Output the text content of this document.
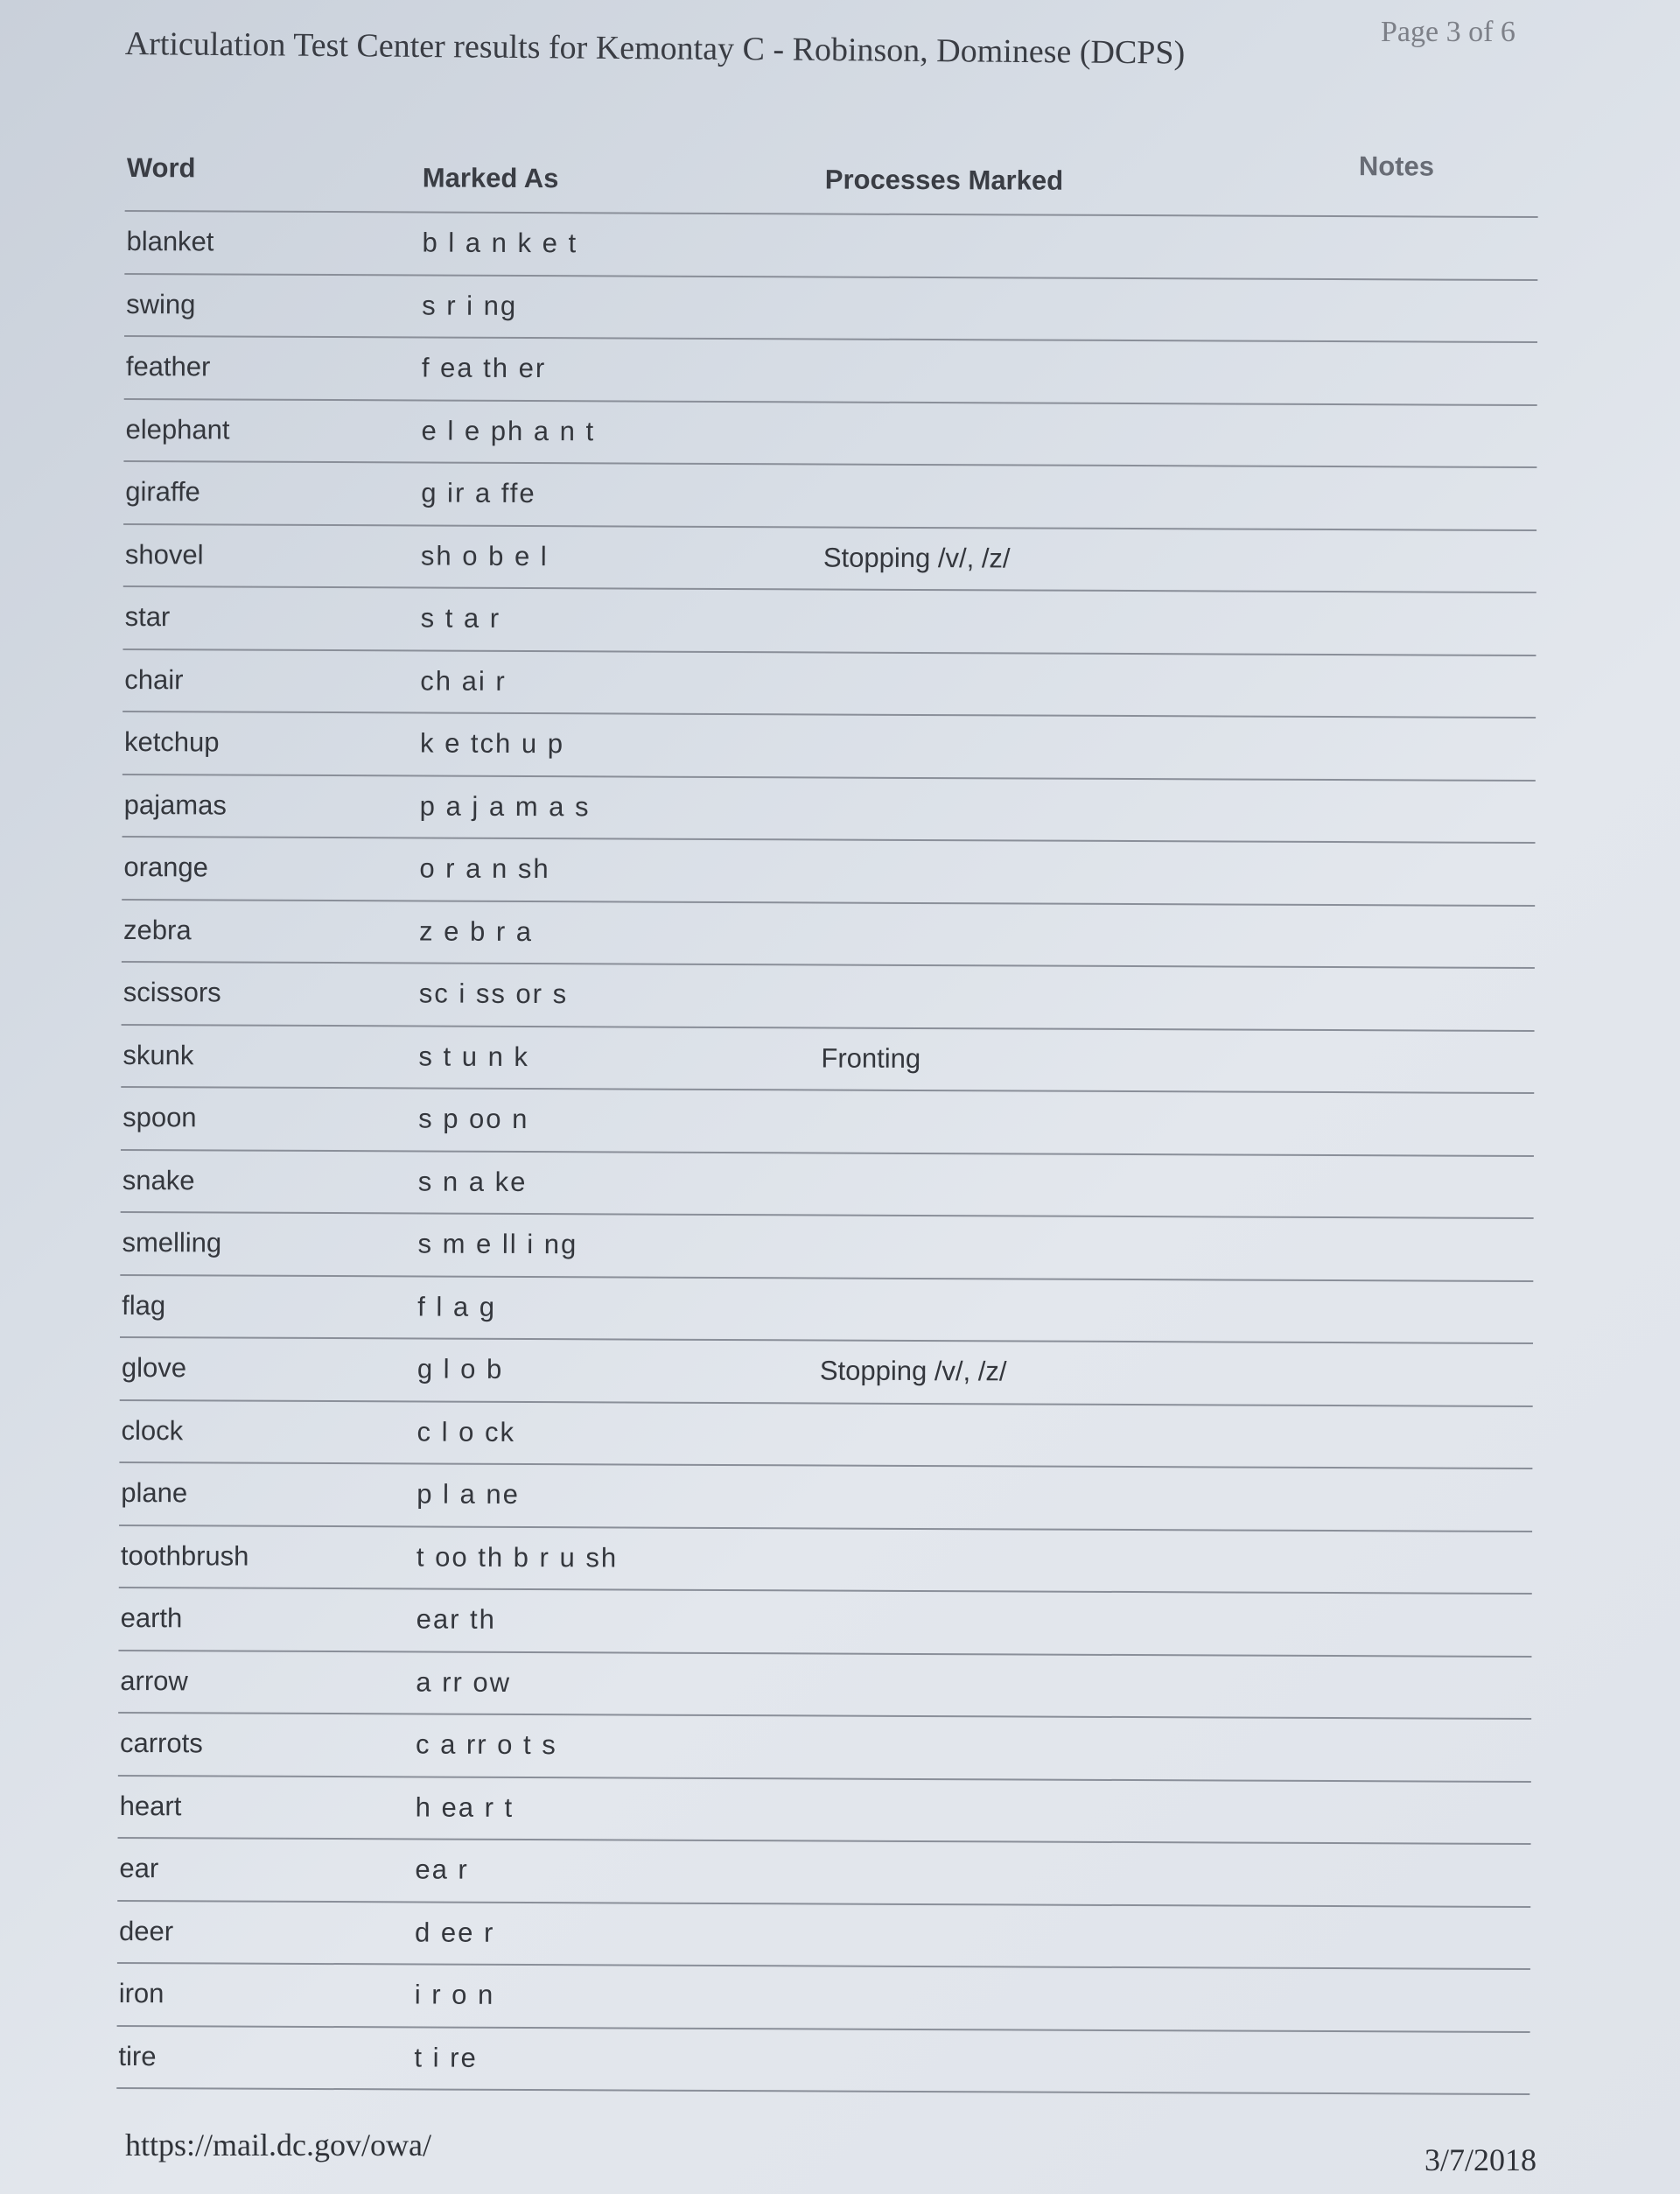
Articulation Test Center results for Kemontay C - Robinson, Dominese (DCPS)	Page 3 of 6
Word	Marked As	Processes Marked	Notes
blanket	b l a n k e t
swing	s r i ng
feather	f ea th er
elephant	e l e ph a n t
giraffe	g ir a ffe
shovel	sh o b e l	Stopping /v/, /z/
star	s t a r
chair	ch ai r
ketchup	k e tch u p
pajamas	p a j a m a s
orange	o r a n sh
zebra	z e b r a
scissors	sc i ss or s
skunk	s t u n k	Fronting
spoon	s p oo n
snake	s n a ke
smelling	s m e ll i ng
flag	f l a g
glove	g l o b	Stopping /v/, /z/
clock	c l o ck
plane	p l a ne
toothbrush	t oo th b r u sh
earth	ear th
arrow	a rr ow
carrots	c a rr o t s
heart	h ea r t
ear	ea r
deer	d ee r
iron	i r o n
tire	t i re
https://mail.dc.gov/owa/	3/7/2018
